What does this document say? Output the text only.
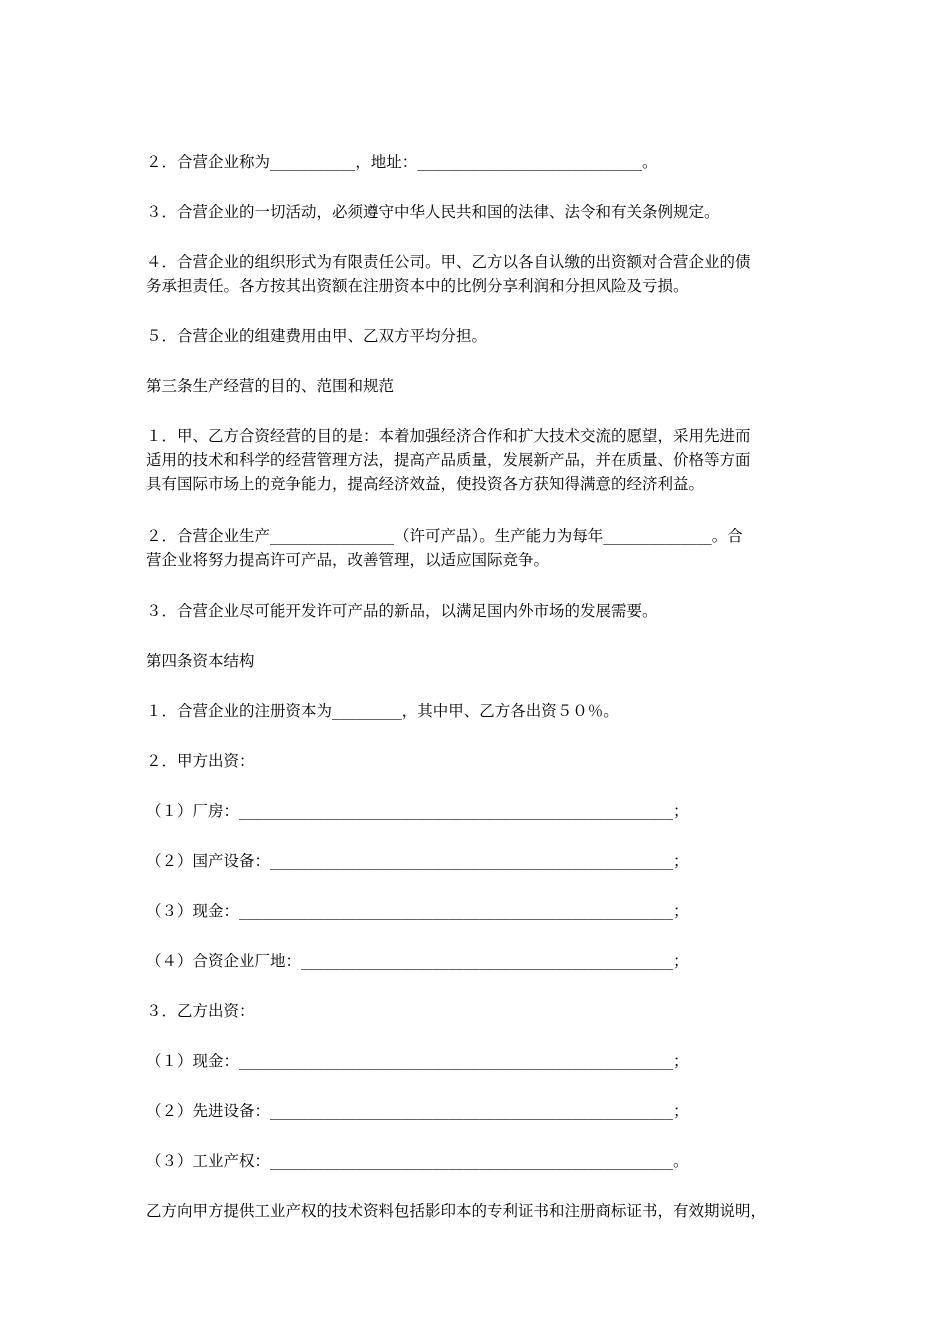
２．合营企业称为___________，地址：_____________________________。
３．合营企业的一切活动，必须遵守中华人民共和国的法律、法令和有关条例规定。
４．合营企业的组织形式为有限责任公司。甲、乙方以各自认缴的出资额对合营企业的债
务承担责任。各方按其出资额在注册资本中的比例分享利润和分担风险及亏损。
５．合营企业的组建费用由甲、乙双方平均分担。
第三条生产经营的目的、范围和规范
１．甲、乙方合资经营的目的是：本着加强经济合作和扩大技术交流的愿望，采用先进而
适用的技术和科学的经营管理方法，提高产品质量，发展新产品，并在质量、价格等方面
具有国际市场上的竞争能力，提高经济效益，使投资各方获知得满意的经济利益。
２．合营企业生产________________（许可产品）。生产能力为每年______________。合
营企业将努力提高许可产品，改善管理，以适应国际竞争。
３．合营企业尽可能开发许可产品的新品，以满足国内外市场的发展需要。
第四条资本结构
１．合营企业的注册资本为_________，其中甲、乙方各出资５０％。
２．甲方出资：
（１）厂房：________________________________________________________；
（２）国产设备：____________________________________________________；
（３）现金：________________________________________________________；
（４）合资企业厂地：________________________________________________；
３．乙方出资：
（１）现金：________________________________________________________；
（２）先进设备：____________________________________________________；
（３）工业产权：____________________________________________________。
乙方向甲方提供工业产权的技术资料包括影印本的专利证书和注册商标证书，有效期说明，
